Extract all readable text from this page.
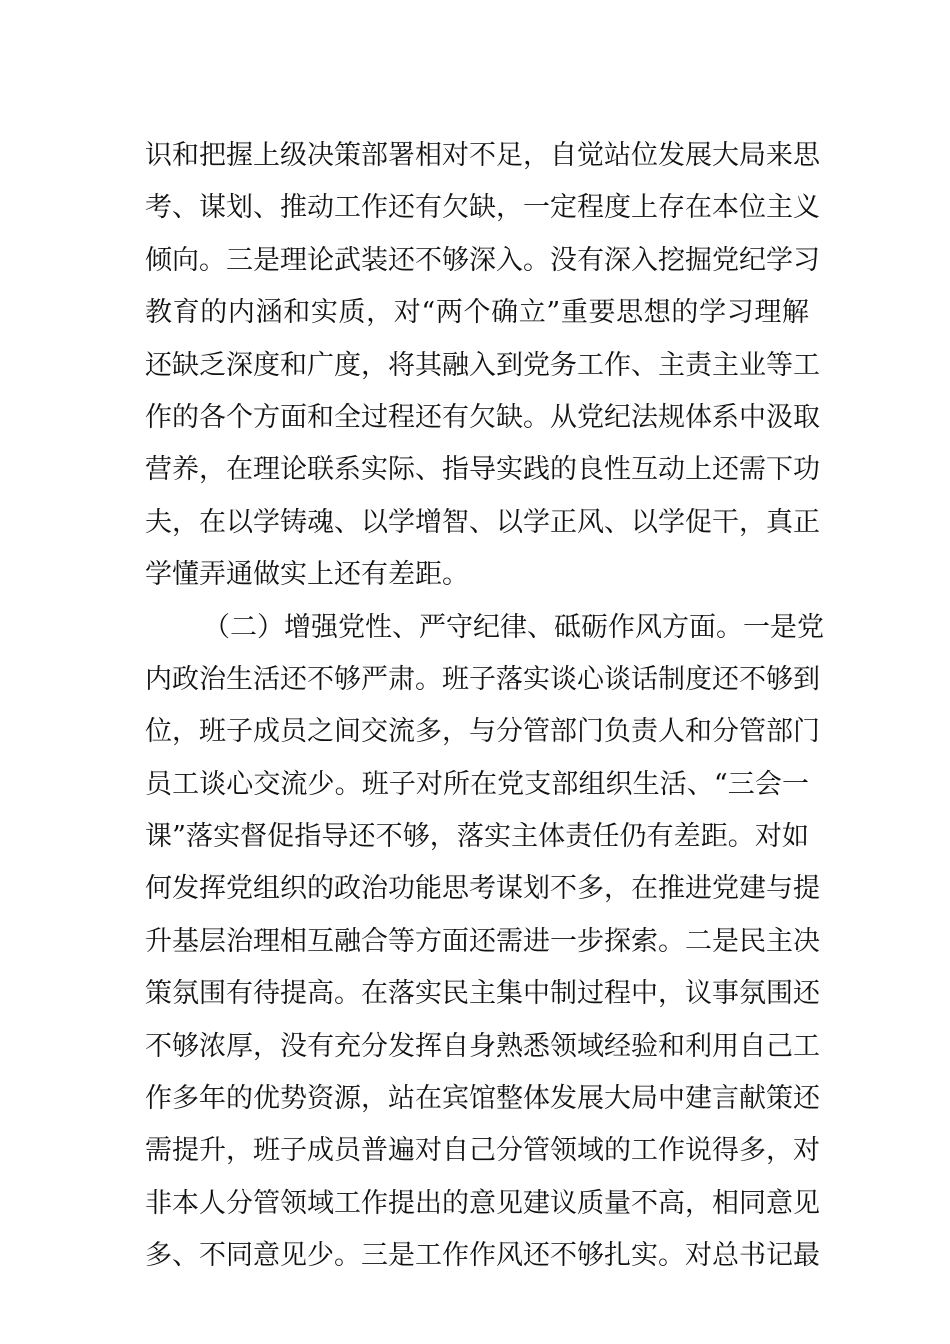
识和把握上级决策部署相对不足，自觉站位发展大局来思
考、谋划、推动工作还有欠缺，一定程度上存在本位主义
倾向。三是理论武装还不够深入。没有深入挖掘党纪学习
教育的内涵和实质，对“两个确立”重要思想的学习理解
还缺乏深度和广度，将其融入到党务工作、主责主业等工
作的各个方面和全过程还有欠缺。从党纪法规体系中汲取
营养，在理论联系实际、指导实践的良性互动上还需下功
夫，在以学铸魂、以学增智、以学正风、以学促干，真正
学懂弄通做实上还有差距。
（二）增强党性、严守纪律、砥砺作风方面。一是党
内政治生活还不够严肃。班子落实谈心谈话制度还不够到
位，班子成员之间交流多，与分管部门负责人和分管部门
员工谈心交流少。班子对所在党支部组织生活、“三会一
课”落实督促指导还不够，落实主体责任仍有差距。对如
何发挥党组织的政治功能思考谋划不多，在推进党建与提
升基层治理相互融合等方面还需进一步探索。二是民主决
策氛围有待提高。在落实民主集中制过程中，议事氛围还
不够浓厚，没有充分发挥自身熟悉领域经验和利用自己工
作多年的优势资源，站在宾馆整体发展大局中建言献策还
需提升，班子成员普遍对自己分管领域的工作说得多，对
非本人分管领域工作提出的意见建议质量不高，相同意见
多、不同意见少。三是工作作风还不够扎实。对总书记最
